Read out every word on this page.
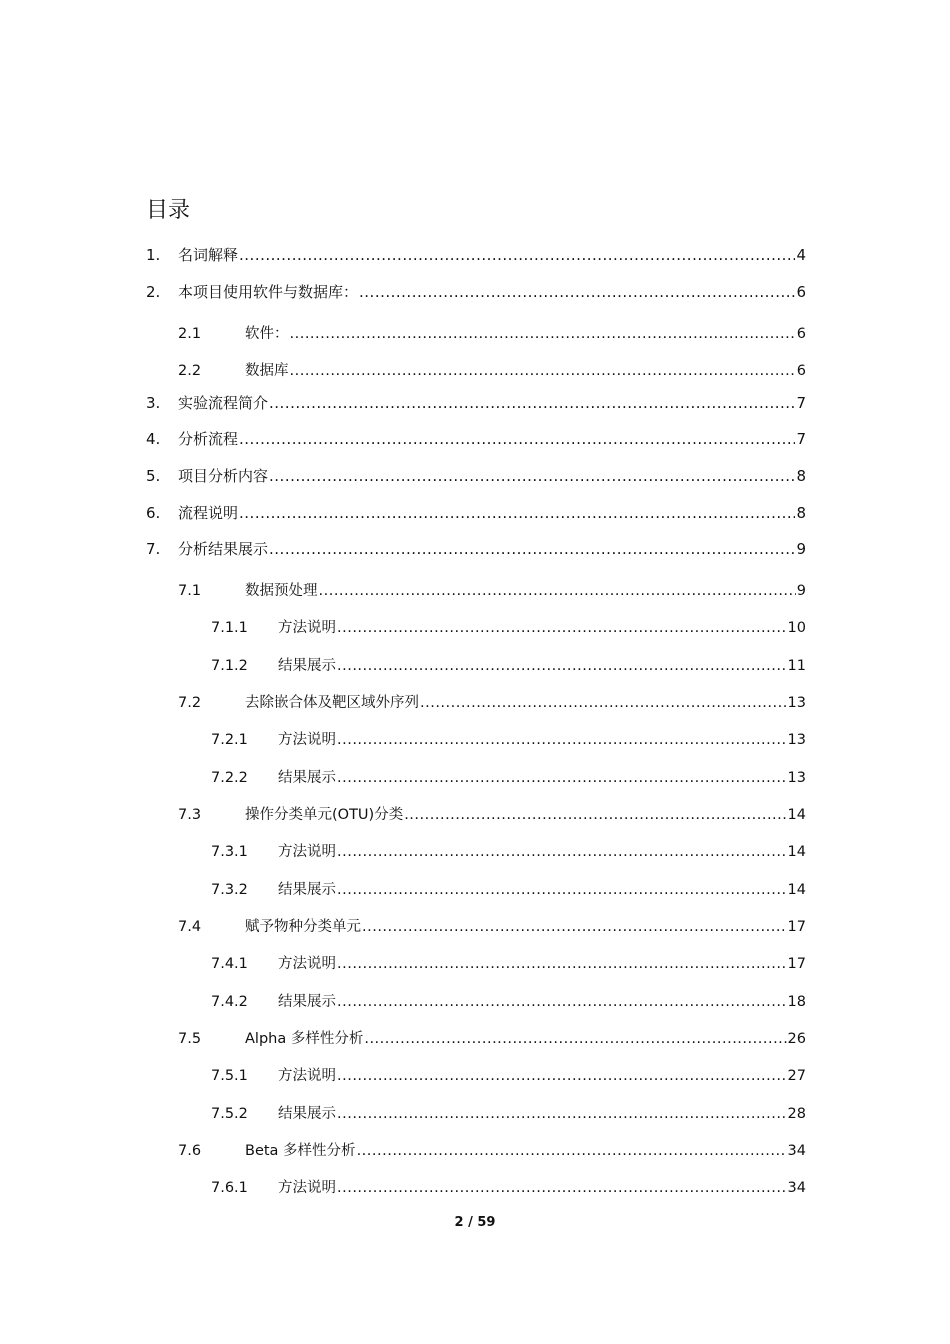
目录
1. 名词解释 .....	4
2. 本项目使用软件与数据库： .....	6
2.1	软件： .....	6
2.2	数据库 .....	6
3. 实验流程简介 .....	7
4. 分析流程 .....	7
5. 项目分析内容 .....	8
6. 流程说明 .....	8
7. 分析结果展示 .....	9
7.1	数据预处理 .....	9
7.1.1 方法说明 .....	10
7.1.2 结果展示 .....	11
7.2	去除嵌合体及靶区域外序列 .....	13
7.2.1 方法说明 .....	13
7.2.2 结果展示 .....	13
7.3	操作分类单元(OTU)分类 .....	14
7.3.1 方法说明 .....	14
7.3.2 结果展示 .....	14
7.4	赋予物种分类单元 .....	17
7.4.1 方法说明 .....	17
7.4.2 结果展示 .....	18
7.5	Alpha 多样性分析 .....	26
7.5.1 方法说明 .....	27
7.5.2 结果展示 .....	28
7.6	Beta 多样性分析 .....	34
7.6.1 方法说明 .....	34
2 / 59
